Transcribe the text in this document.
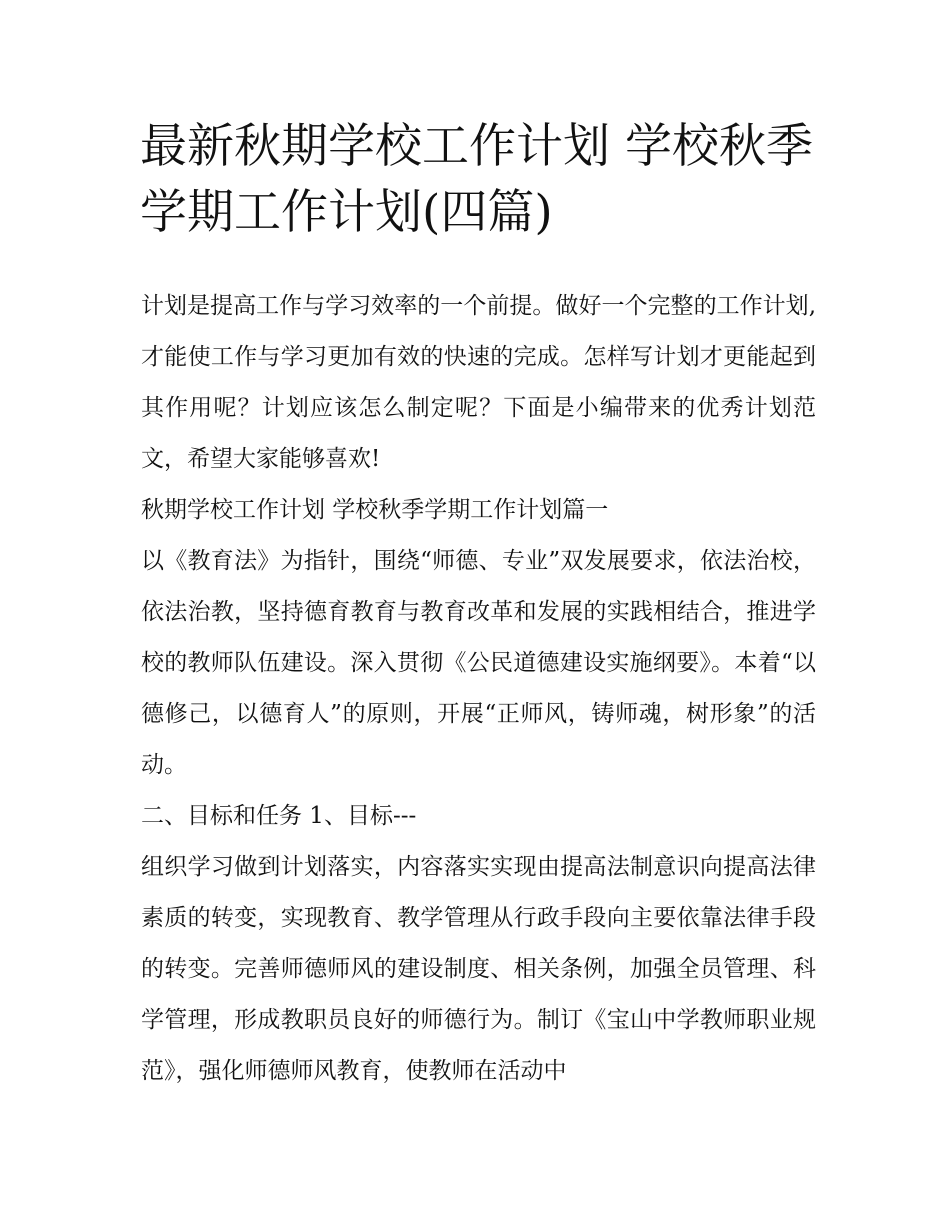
最新秋期学校工作计划 学校秋季学期工作计划(四篇)

计划是提高工作与学习效率的一个前提。做好一个完整的工作计划,才能使工作与学习更加有效的快速的完成。怎样写计划才更能起到其作用呢？计划应该怎么制定呢？下面是小编带来的优秀计划范文，希望大家能够喜欢!

秋期学校工作计划 学校秋季学期工作计划篇一

以《教育法》为指针，围绕“师德、专业”双发展要求，依法治校，依法治教，坚持德育教育与教育改革和发展的实践相结合，推进学校的教师队伍建设。深入贯彻《公民道德建设实施纲要》。本着“以德修己，以德育人”的原则，开展“正师风，铸师魂，树形象”的活动。

二、目标和任务 1、目标---

组织学习做到计划落实，内容落实实现由提高法制意识向提高法律素质的转变，实现教育、教学管理从行政手段向主要依靠法律手段的转变。完善师德师风的建设制度、相关条例，加强全员管理、科学管理，形成教职员良好的师德行为。制订《宝山中学教师职业规范》，强化师德师风教育，使教师在活动中
